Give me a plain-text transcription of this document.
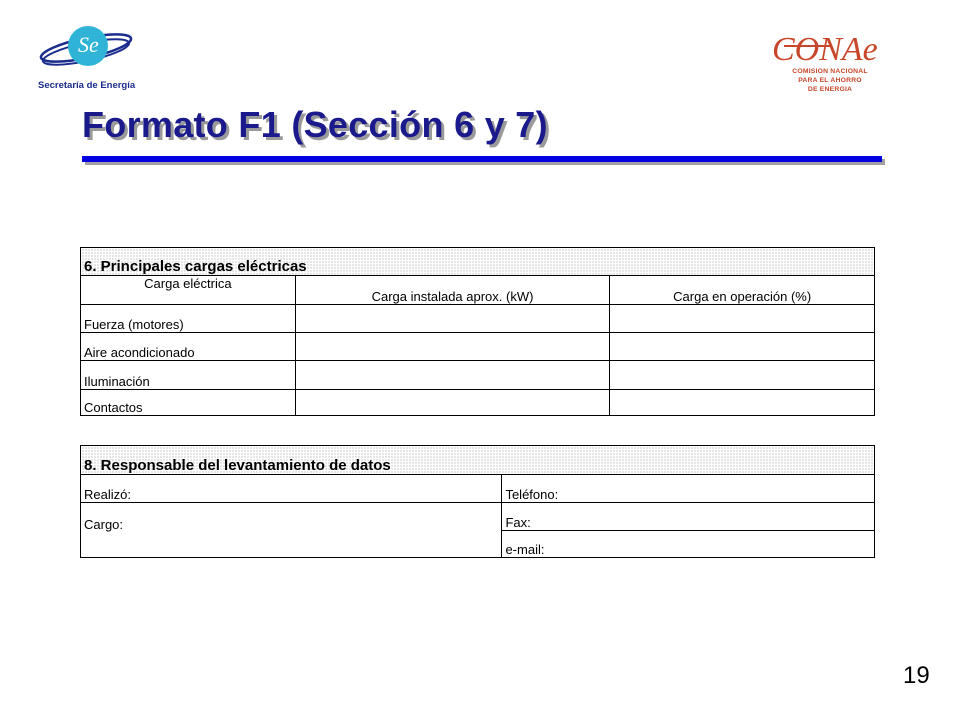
Se
Secretaría de Energía
CONAe
COMISION NACIONAL
PARA EL AHORRO
DE ENERGIA
Formato F1 (Sección 6 y 7)
6. Principales cargas eléctricas		
Carga eléctrica	Carga instalada aprox. (kW)	Carga en operación (%)
Fuerza (motores)		
Aire acondicionado		
Iluminación		
Contactos		
8. Responsable del levantamiento de datos	
Realizó:	Teléfono:
Cargo:	Fax:
	e-mail:
19
